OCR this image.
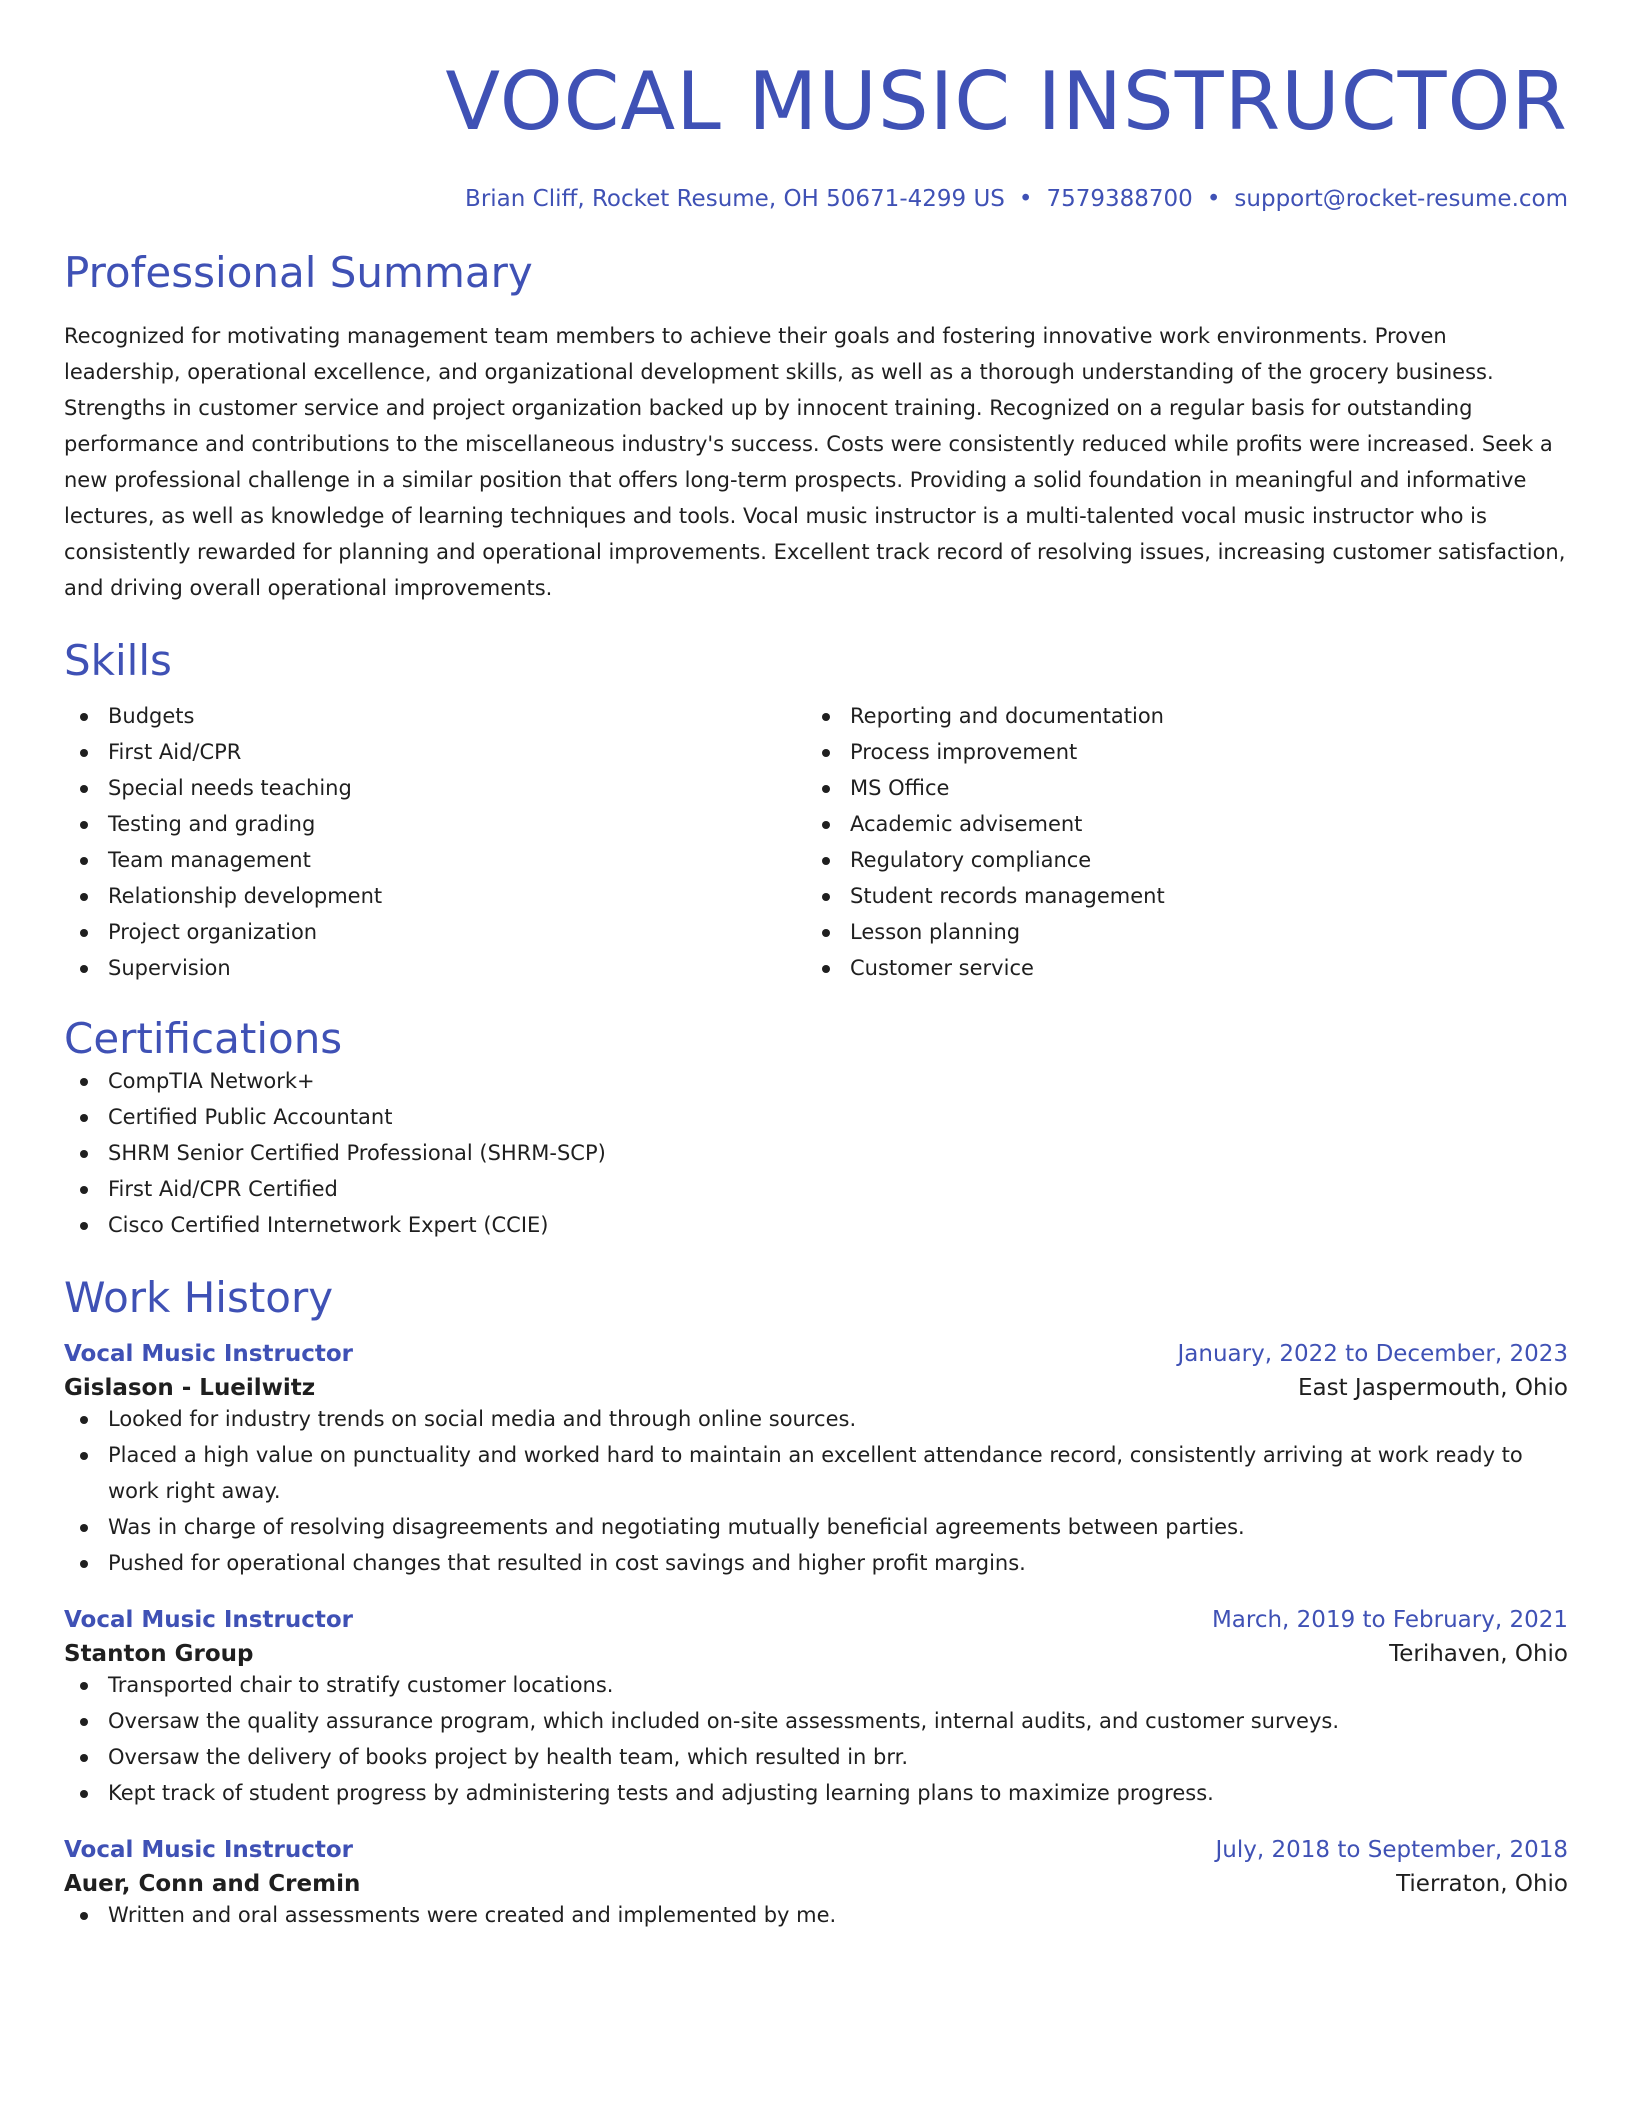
VOCAL MUSIC INSTRUCTOR
Brian Cliff, Rocket Resume, OH 50671-4299 US • 7579388700 • support@rocket-resume.com
Professional Summary
Recognized for motivating management team members to achieve their goals and fostering innovative work environments. Proven leadership, operational excellence, and organizational development skills, as well as a thorough understanding of the grocery business. Strengths in customer service and project organization backed up by innocent training. Recognized on a regular basis for outstanding performance and contributions to the miscellaneous industry's success. Costs were consistently reduced while profits were increased. Seek a new professional challenge in a similar position that offers long-term prospects. Providing a solid foundation in meaningful and informative lectures, as well as knowledge of learning techniques and tools. Vocal music instructor is a multi-talented vocal music instructor who is consistently rewarded for planning and operational improvements. Excellent track record of resolving issues, increasing customer satisfaction, and driving overall operational improvements.
Skills
Budgets
First Aid/CPR
Special needs teaching
Testing and grading
Team management
Relationship development
Project organization
Supervision
Reporting and documentation
Process improvement
MS Office
Academic advisement
Regulatory compliance
Student records management
Lesson planning
Customer service
Certifications
CompTIA Network+
Certified Public Accountant
SHRM Senior Certified Professional (SHRM-SCP)
First Aid/CPR Certified
Cisco Certified Internetwork Expert (CCIE)
Work History
Vocal Music Instructor	January, 2022 to December, 2023
Gislason - Lueilwitz	East Jaspermouth, Ohio
Looked for industry trends on social media and through online sources.
Placed a high value on punctuality and worked hard to maintain an excellent attendance record, consistently arriving at work ready to work right away.
Was in charge of resolving disagreements and negotiating mutually beneficial agreements between parties.
Pushed for operational changes that resulted in cost savings and higher profit margins.
Vocal Music Instructor	March, 2019 to February, 2021
Stanton Group	Terihaven, Ohio
Transported chair to stratify customer locations.
Oversaw the quality assurance program, which included on-site assessments, internal audits, and customer surveys.
Oversaw the delivery of books project by health team, which resulted in brr.
Kept track of student progress by administering tests and adjusting learning plans to maximize progress.
Vocal Music Instructor	July, 2018 to September, 2018
Auer, Conn and Cremin	Tierraton, Ohio
Written and oral assessments were created and implemented by me.
